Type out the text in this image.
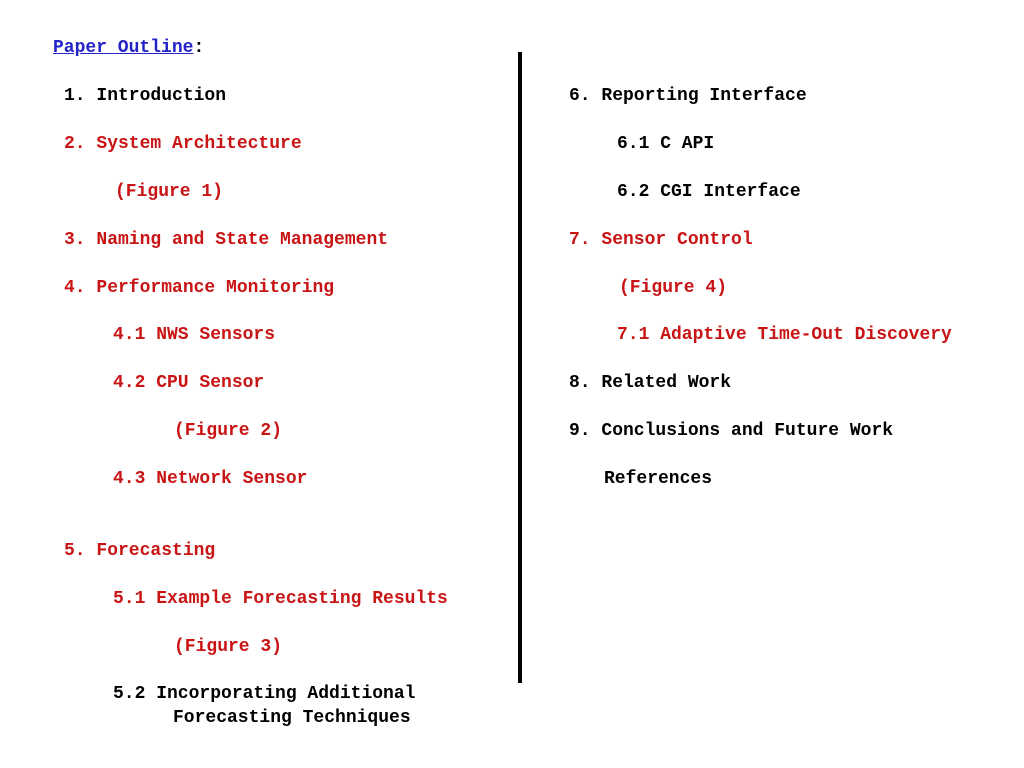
Paper Outline:
1. Introduction
2. System Architecture
(Figure 1)
3. Naming and State Management
4. Performance Monitoring
4.1 NWS Sensors
4.2 CPU Sensor
(Figure 2)
4.3 Network Sensor
5. Forecasting
5.1 Example Forecasting Results
(Figure 3)
5.2 Incorporating Additional
Forecasting Techniques
6. Reporting Interface
6.1 C API
6.2 CGI Interface
7. Sensor Control
(Figure 4)
7.1 Adaptive Time-Out Discovery
8. Related Work
9. Conclusions and Future Work
References
